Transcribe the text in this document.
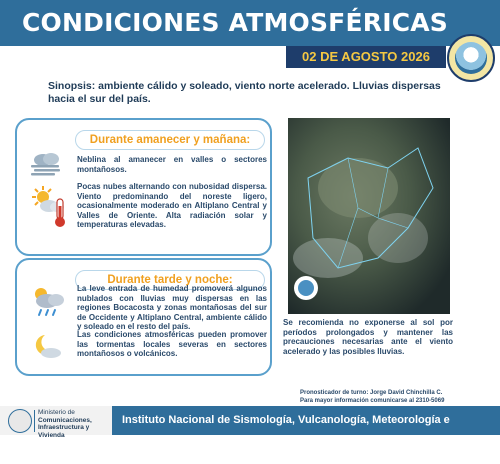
CONDICIONES ATMOSFÉRICAS
02 DE AGOSTO 2026
Sinopsis: ambiente cálido y soleado, viento norte acelerado. Lluvias dispersas hacia el sur del país.
Durante amanecer y mañana:
Neblina al amanecer en valles o sectores montañosos.
Pocas nubes alternando con nubosidad dispersa. Viento predominando del noreste ligero, ocasionalmente moderado en Altiplano Central y Valles de Oriente. Alta radiación solar y temperaturas elevadas.
Durante tarde y noche:
La leve entrada de humedad promoverá algunos nublados con lluvias muy dispersas en las regiones Bocacosta y zonas montañosas del sur de Occidente y Altiplano Central, ambiente cálido y soleado en el resto del país.
Las condiciones atmosféricas pueden promover las tormentas locales severas en sectores montañosos o volcánicos.
Se recomienda no exponerse al sol por períodos prolongados y mantener las precauciones necesarias ante el viento acelerado y las posibles lluvias.
Pronosticador de turno: Jorge David Chinchilla C.
Para mayor información comunicarse al 2310-5069
Ministerio de
Comunicaciones, Infraestructura y Vivienda
Instituto Nacional de Sismología, Vulcanología, Meteorología e Hidrología
